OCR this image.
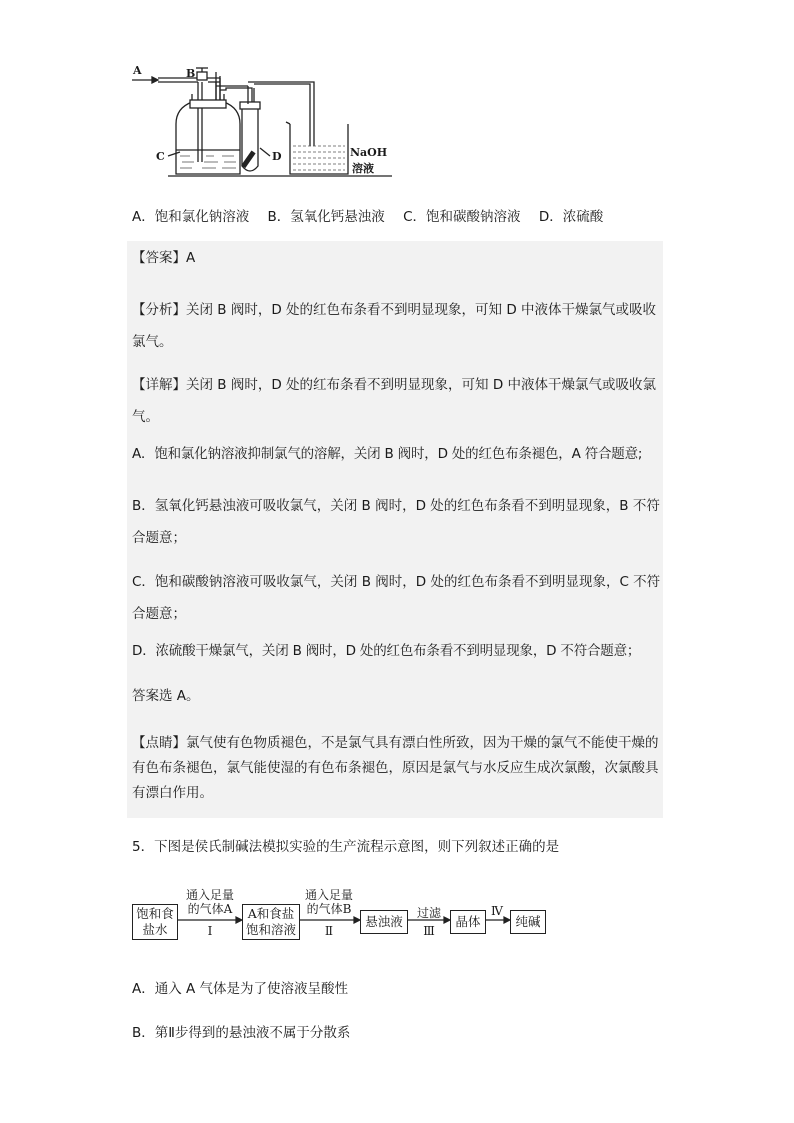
A	B
C	D	NaOH
溶液
A．饱和氯化钠溶液 B．氢氧化钙悬浊液 C．饱和碳酸钠溶液 D．浓硫酸
【答案】A
【分析】关闭 B 阀时，D 处的红色布条看不到明显现象，可知 D 中液体干燥氯气或吸收氯气。
【详解】关闭 B 阀时，D 处的红布条看不到明显现象，可知 D 中液体干燥氯气或吸收氯气。
A．饱和氯化钠溶液抑制氯气的溶解，关闭 B 阀时，D 处的红色布条褪色，A 符合题意;
B．氢氧化钙悬浊液可吸收氯气，关闭 B 阀时，D 处的红色布条看不到明显现象，B 不符合题意；
C．饱和碳酸钠溶液可吸收氯气，关闭 B 阀时，D 处的红色布条看不到明显现象，C 不符合题意；
D．浓硫酸干燥氯气，关闭 B 阀时，D 处的红色布条看不到明显现象，D 不符合题意；
答案选 A。
【点睛】氯气使有色物质褪色，不是氯气具有漂白性所致，因为干燥的氯气不能使干燥的有色布条褪色，氯气能使湿的有色布条褪色，原因是氯气与水反应生成次氯酸，次氯酸具有漂白作用。
5．下图是侯氏制碱法模拟实验的生产流程示意图，则下列叙述正确的是
饱和食
盐水
通入足量
的气体A
Ⅰ
A和食盐
饱和溶液
通入足量
的气体B
Ⅱ
悬浊液
过滤
Ⅲ
晶体
Ⅳ
纯碱
A．通入 A 气体是为了使溶液呈酸性
B．第Ⅱ步得到的悬浊液不属于分散系
